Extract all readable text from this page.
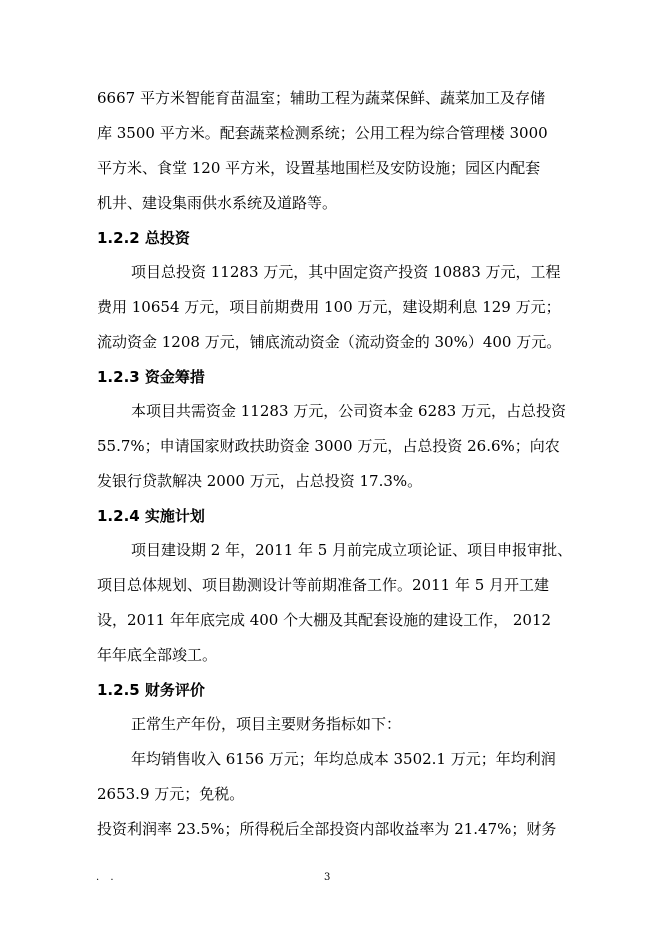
6667 平方米智能育苗温室；辅助工程为蔬菜保鲜、蔬菜加工及存储
库 3500 平方米。配套蔬菜检测系统；公用工程为综合管理楼 3000
平方米、食堂 120 平方米，设置基地围栏及安防设施；园区内配套
机井、建设集雨供水系统及道路等。
1.2.2 总投资
项目总投资 11283 万元，其中固定资产投资 10883 万元，工程
费用 10654 万元，项目前期费用 100 万元，建设期利息 129 万元；
流动资金 1208 万元，铺底流动资金（流动资金的 30%）400 万元。
1.2.3 资金筹措
本项目共需资金 11283 万元，公司资本金 6283 万元，占总投资
55.7%；申请国家财政扶助资金 3000 万元，占总投资 26.6%；向农
发银行贷款解决 2000 万元，占总投资 17.3%。
1.2.4 实施计划
项目建设期 2 年，2011 年 5 月前完成立项论证、项目申报审批、
项目总体规划、项目勘测设计等前期准备工作。2011 年 5 月开工建
设，2011 年年底完成 400 个大棚及其配套设施的建设工作， 2012
年年底全部竣工。
1.2.5 财务评价
正常生产年份，项目主要财务指标如下：
年均销售收入 6156 万元；年均总成本 3502.1 万元；年均利润
2653.9 万元；免税。
投资利润率 23.5%；所得税后全部投资内部收益率为 21.47%；财务
. .	3
